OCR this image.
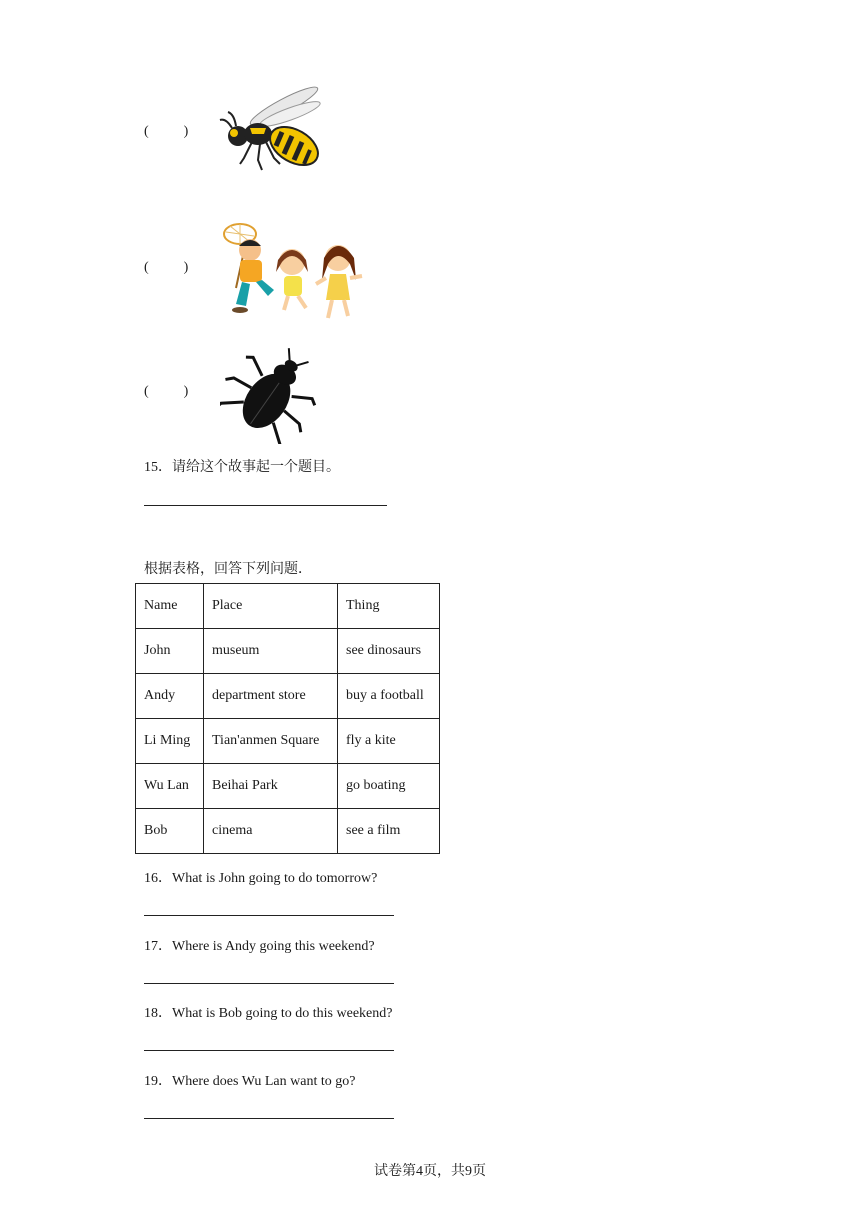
(          )
(          )
(          )
15．请给这个故事起一个题目。
根据表格，回答下列问题．
Name	Place	Thing
John	museum	see dinosaurs
Andy	department store	buy a football
Li Ming	Tian'anmen Square	fly a kite
Wu Lan	Beihai Park	go boating
Bob	cinema	see a film
16．What is John going to do tomorrow?
17．Where is Andy going this weekend?
18．What is Bob going to do this weekend?
19．Where does Wu Lan want to go?
试卷第4页，共9页
